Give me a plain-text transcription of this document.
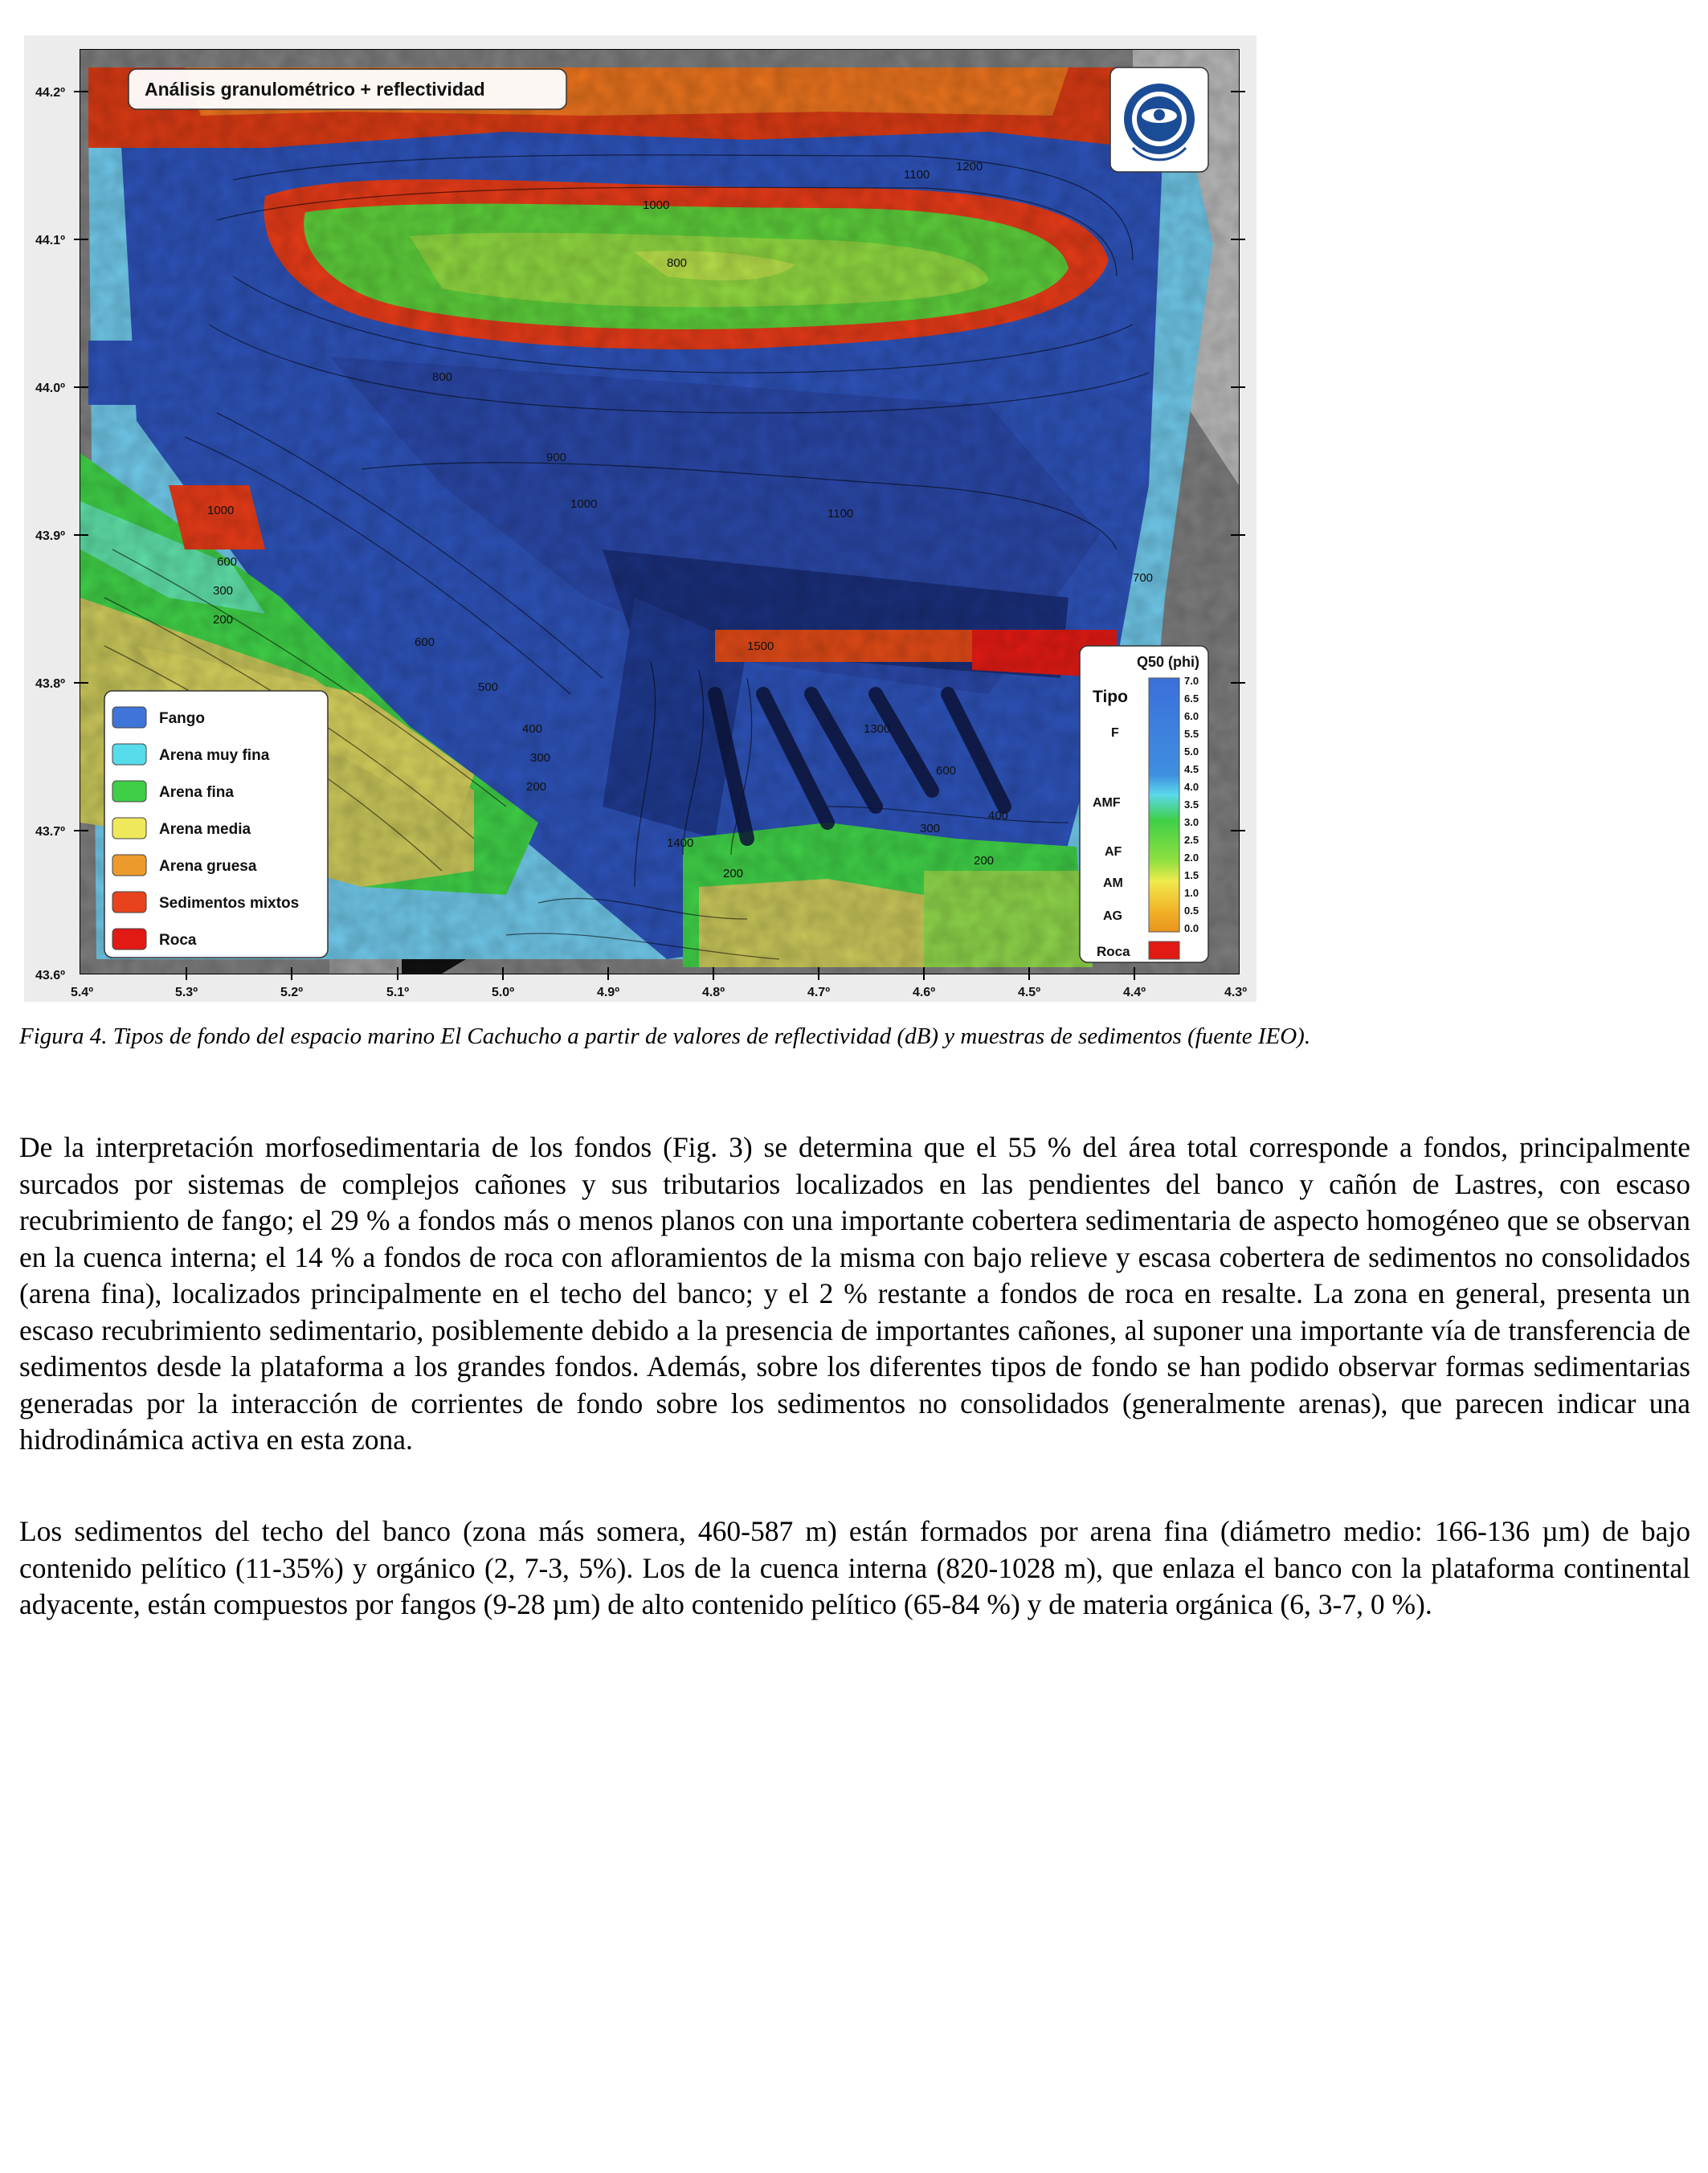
1100
1000
1100
1000
900
800
800
700
600
500
400
300
200
200
200
300
400
600
1200
1500
1300
1400
1000
600
300
200
Análisis granulométrico + reflectividad
Fango
Arena muy fina
Arena fina
Arena media
Arena gruesa
Sedimentos mixtos
Roca
Q50 (phi)
Tipo
F
AMF
AF
AM
AG
7.0
6.5
6.0
5.5
5.0
4.5
4.0
3.5
3.0
2.5
2.0
1.5
1.0
0.5
0.0
Roca
44.2º
44.1º
44.0º
43.9º
43.8º
43.7º
43.6º
5.4º	5.3º	5.2º	5.1º	5.0º	4.9º	4.8º	4.7º	4.6º	4.5º	4.4º	4.3º
Figura 4. Tipos de fondo del espacio marino El Cachucho a partir de valores de reflectividad (dB) y muestras de sedimentos (fuente IEO).

De la interpretación morfosedimentaria de los fondos (Fig. 3) se determina que el 55 % del área total corresponde a fondos, principalmente surcados por sistemas de complejos cañones y sus tributarios localizados en las pendientes del banco y cañón de Lastres, con escaso recubrimiento de fango; el 29 % a fondos más o menos planos con una importante cobertera sedimentaria de aspecto homogéneo que se observan en la cuenca interna; el 14 % a fondos de roca con afloramientos de la misma con bajo relieve y escasa cobertera de sedimentos no consolidados (arena fina), localizados principalmente en el techo del banco; y el 2 % restante a fondos de roca en resalte. La zona en general, presenta un escaso recubrimiento sedimentario, posiblemente debido a la presencia de importantes cañones, al suponer una importante vía de transferencia de sedimentos desde la plataforma a los grandes fondos. Además, sobre los diferentes tipos de fondo se han podido observar formas sedimentarias generadas por la interacción de corrientes de fondo sobre los sedimentos no consolidados (generalmente arenas), que parecen indicar una hidrodinámica activa en esta zona.

Los sedimentos del techo del banco (zona más somera, 460-587 m) están formados por arena fina (diámetro medio: 166-136 µm) de bajo contenido pelítico (11-35%) y orgánico (2, 7-3, 5%). Los de la cuenca interna (820-1028 m), que enlaza el banco con la plataforma continental adyacente, están compuestos por fangos (9-28 µm) de alto contenido pelítico (65-84 %) y de materia orgánica (6, 3-7, 0 %).
